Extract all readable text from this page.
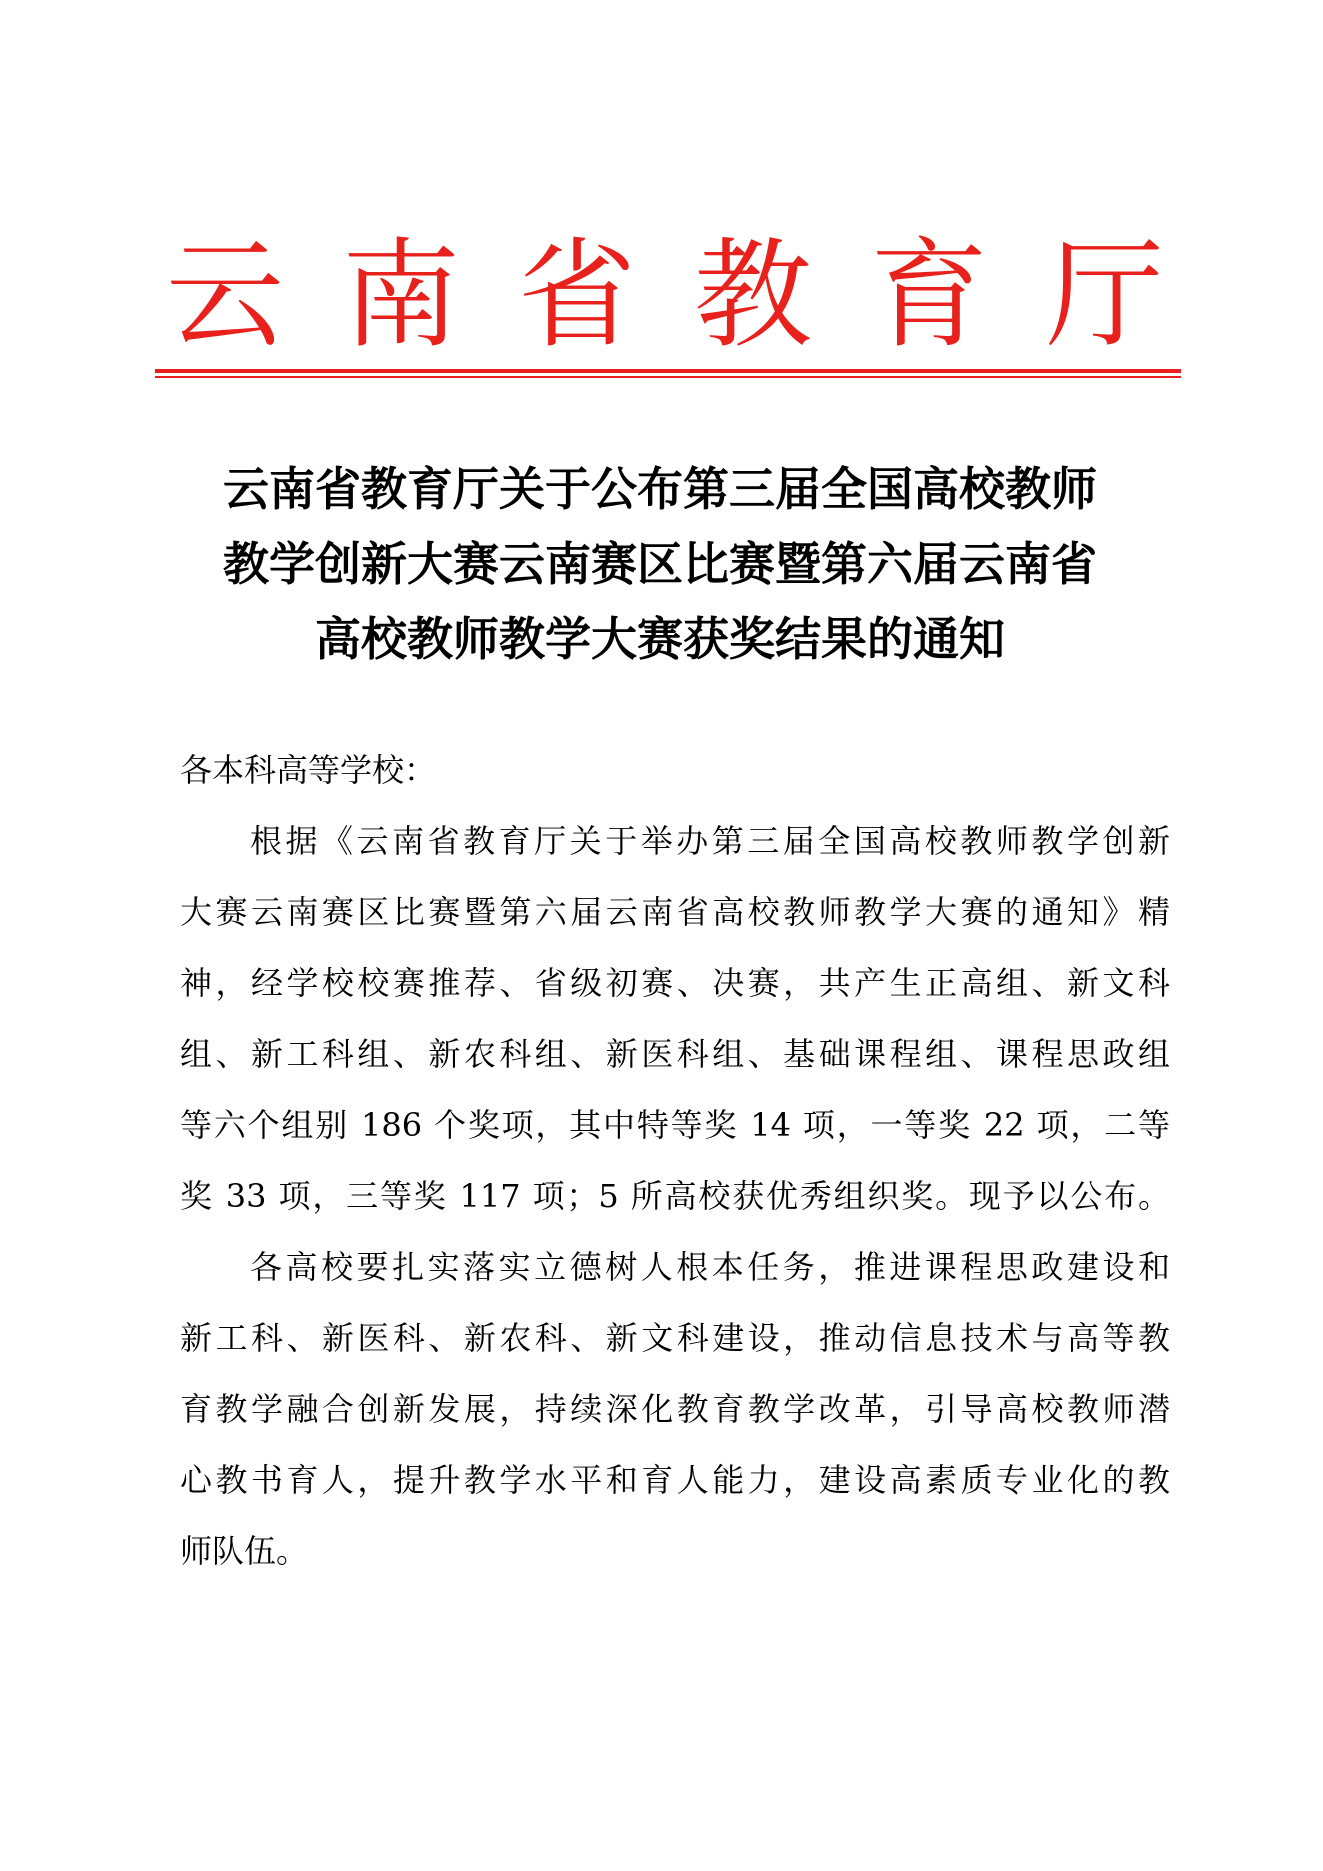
云 南 省 教 育 厅
云南省教育厅关于公布第三届全国高校教师
教学创新大赛云南赛区比赛暨第六届云南省
高校教师教学大赛获奖结果的通知
各本科高等学校：
根据《云南省教育厅关于举办第三届全国高校教师教学创新
大赛云南赛区比赛暨第六届云南省高校教师教学大赛的通知》精
神，经学校校赛推荐、省级初赛、决赛，共产生正高组、新文科
组、新工科组、新农科组、新医科组、基础课程组、课程思政组
等六个组别 186 个奖项，其中特等奖 14 项，一等奖 22 项，二等
奖 33 项，三等奖 117 项；5 所高校获优秀组织奖。现予以公布。
各高校要扎实落实立德树人根本任务，推进课程思政建设和
新工科、新医科、新农科、新文科建设，推动信息技术与高等教
育教学融合创新发展，持续深化教育教学改革，引导高校教师潜
心教书育人，提升教学水平和育人能力，建设高素质专业化的教
师队伍。
